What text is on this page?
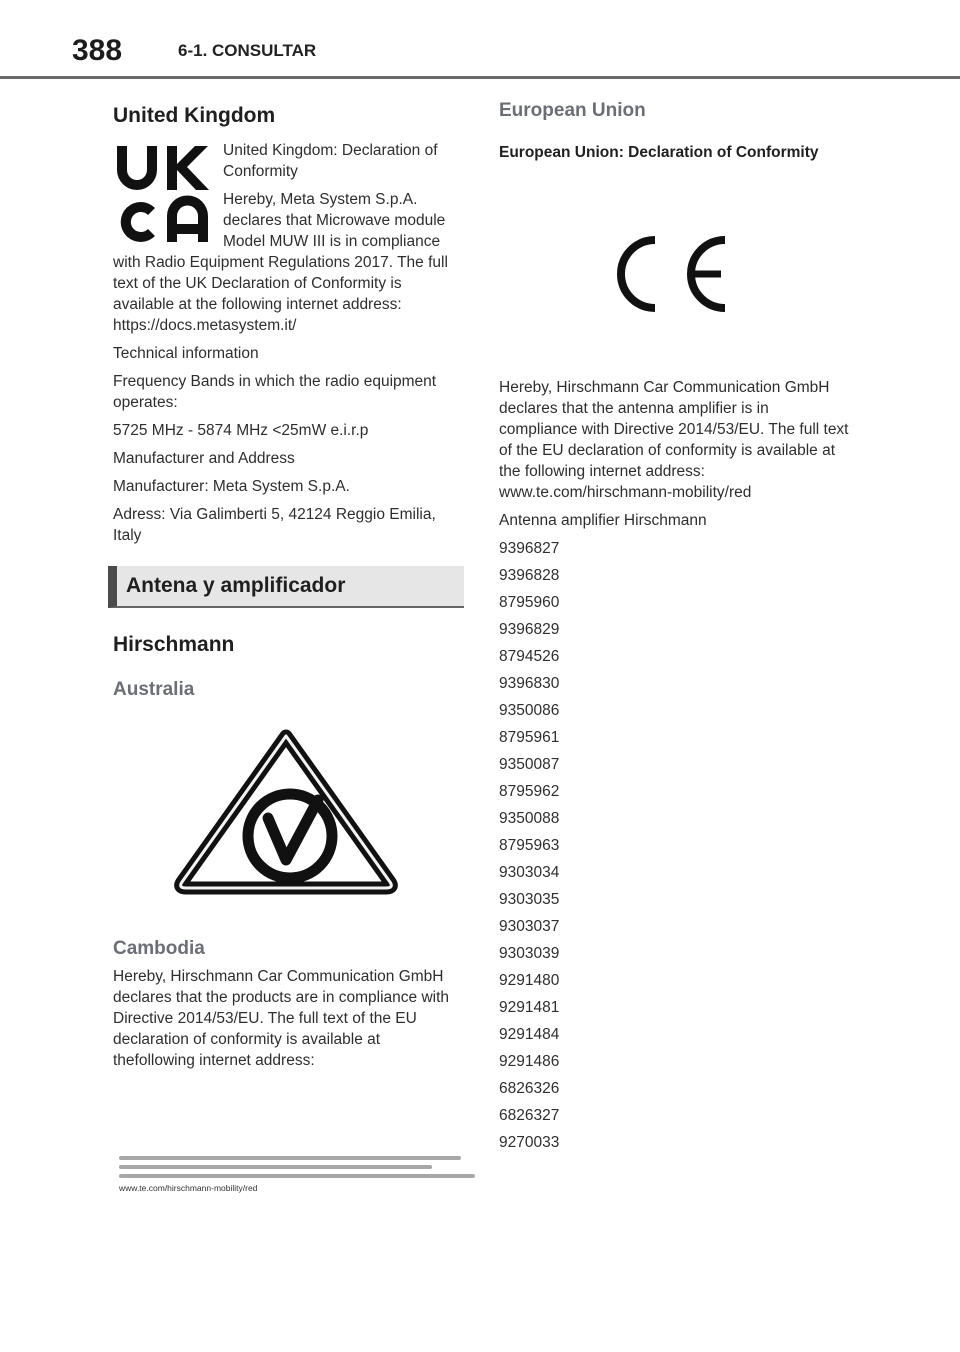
388	6-1. CONSULTAR
United Kingdom

United Kingdom: Declaration of Conformity

Hereby, Meta System S.p.A. declares that Microwave module Model MUW III is in compliance with Radio Equipment Regulations 2017. The full text of the UK Declaration of Conformity is available at the following internet address: https://docs.metasystem.it/

Technical information

Frequency Bands in which the radio equipment operates:

5725 MHz - 5874 MHz <25mW e.i.r.p

Manufacturer and Address

Manufacturer: Meta System S.p.A.

Adress: Via Galimberti 5, 42124 Reggio Emilia, Italy

Antena y amplificador
Hirschmann
Australia
Cambodia

Hereby, Hirschmann Car Communication GmbH declares that the products are in compliance with Directive 2014/53/EU. The full text of the EU declaration of conformity is available at thefollowing internet address:

www.te.com/hirschmann-mobility/red
European Union
European Union: Declaration of Conformity

Hereby, Hirschmann Car Communication GmbH declares that the antenna amplifier is in compliance with Directive 2014/53/EU. The full text of the EU declaration of conformity is available at the following internet address: www.te.com/hirschmann-mobility/red

Antenna amplifier Hirschmann

9396827
9396828
8795960
9396829
8794526
9396830
9350086
8795961
9350087
8795962
9350088
8795963
9303034
9303035
9303037
9303039
9291480
9291481
9291484
9291486
6826326
6826327
9270033
